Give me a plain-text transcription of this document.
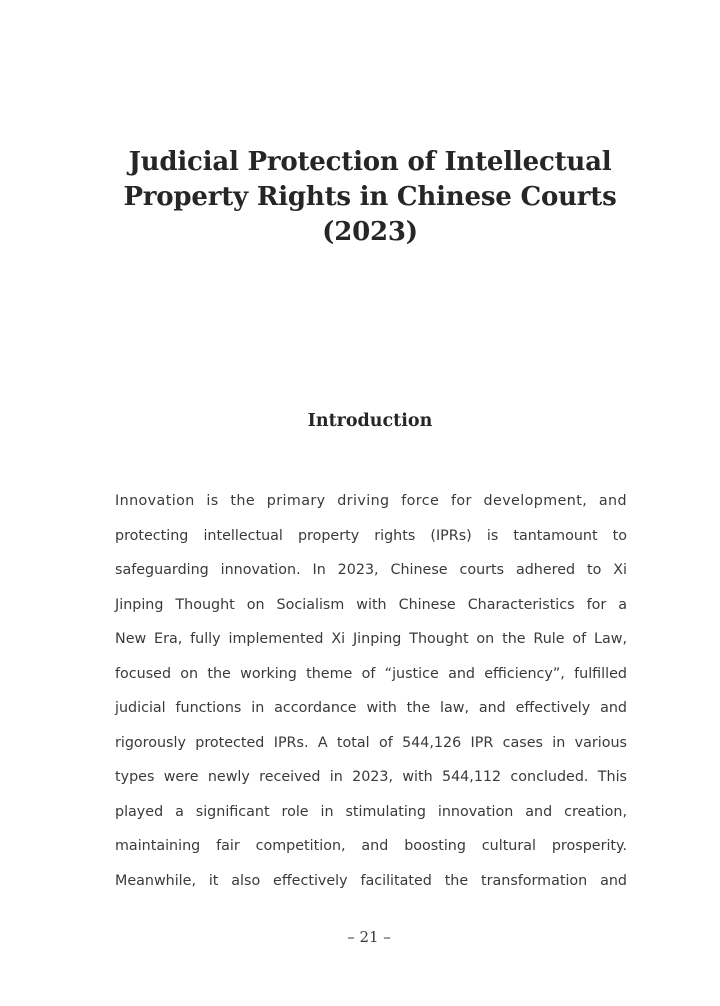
Judicial Protection of Intellectual
Property Rights in Chinese Courts
(2023)
Introduction
Innovation is the primary driving force for development, and
protecting intellectual property rights (IPRs) is tantamount to
safeguarding innovation. In 2023, Chinese courts adhered to Xi
Jinping Thought on Socialism with Chinese Characteristics for a
New Era, fully implemented Xi Jinping Thought on the Rule of Law,
focused on the working theme of “justice and efficiency”, fulfilled
judicial functions in accordance with the law, and effectively and
rigorously protected IPRs. A total of 544,126 IPR cases in various
types were newly received in 2023, with 544,112 concluded. This
played a significant role in stimulating innovation and creation,
maintaining fair competition, and boosting cultural prosperity.
Meanwhile, it also effectively facilitated the transformation and
– 21 –
